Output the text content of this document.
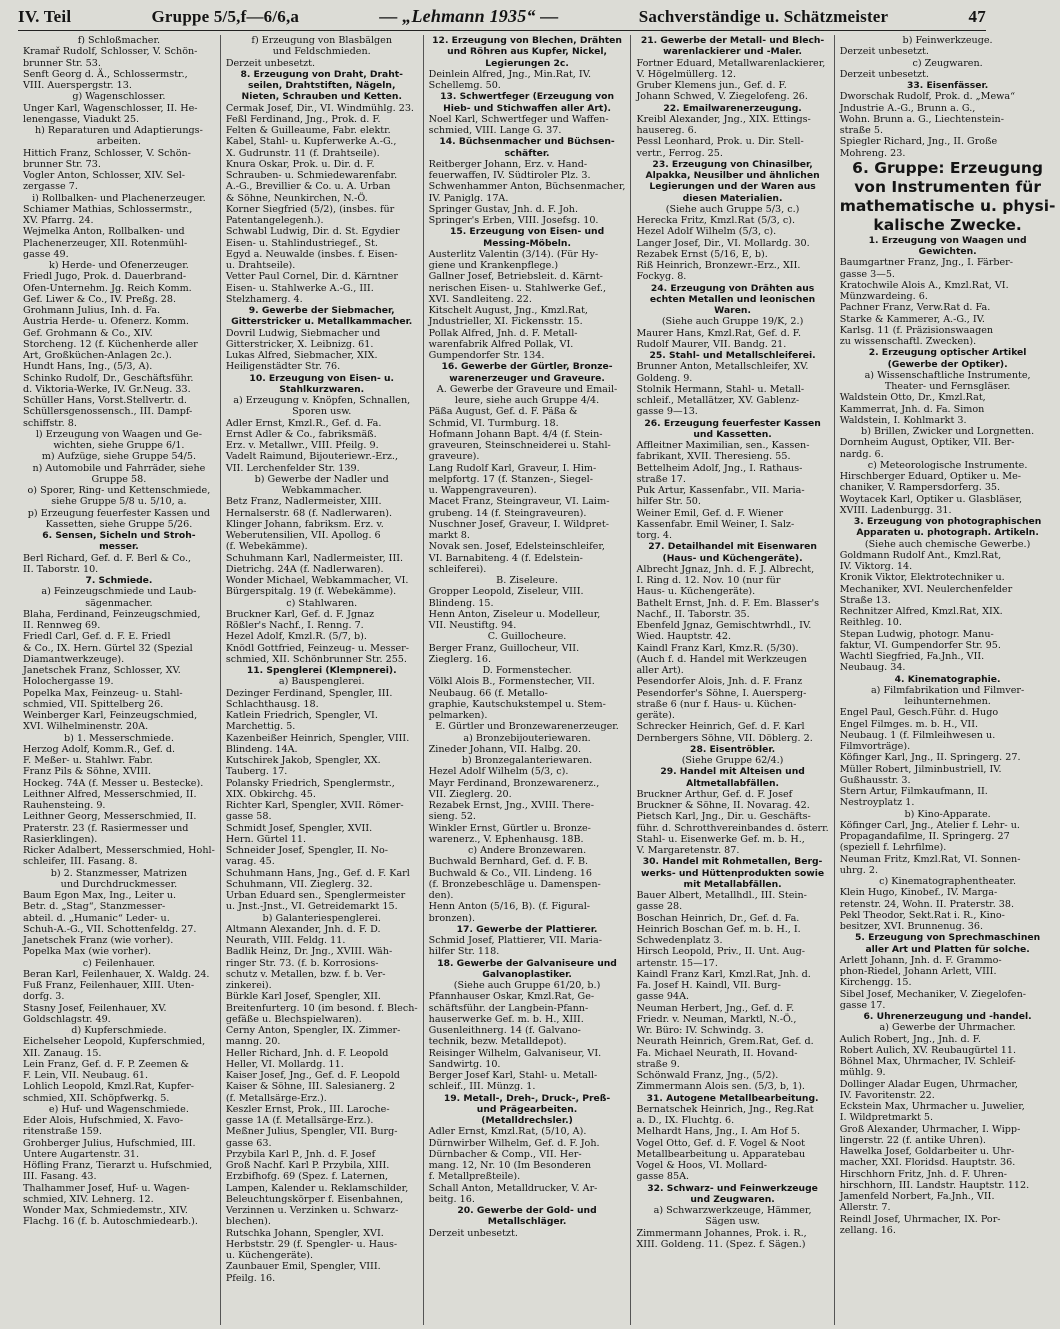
IV. Teil	Gruppe 5/5,f—6/6,a	— „Lehmann 1935“ —	Sachverständige u. Schätzmeister	47
f) Schloßmacher.
Kramař Rudolf, Schlosser, V. Schön-
brunner Str. 53.
Senft Georg d. Ä., Schlossermstr.,
VIII. Auerspergstr. 13.
g) Wagenschlosser.
Unger Karl, Wagenschlosser, II. He-
lenengasse, Viadukt 25.
h) Reparaturen und Adaptierungs-
arbeiten.
Hittich Franz, Schlosser, V. Schön-
brunner Str. 73.
Vogler Anton, Schlosser, XIV. Sel-
zergasse 7.
i) Rollbalken- und Plachenerzeuger.
Schiamer Mathias, Schlossermstr.,
XV. Pfarrg. 24.
Wejmelka Anton, Rollbalken- und
Plachenerzeuger, XII. Rotenmühl-
gasse 49.
k) Herde- und Ofenerzeuger.
Friedl Jugo, Prok. d. Dauerbrand-
Ofen-Unternehm. Jg. Reich Komm.
Gef. Liwer & Co., IV. Preßg. 28.
Grohmann Julius, Inh. d. Fa.
Austria Herde- u. Ofenerz. Komm.
Gef. Grohmann & Co., XIV.
Storcheng. 12 (f. Küchenherde aller
Art, Großküchen-Anlagen 2c.).
Hundt Hans, Ing., (5/3, A).
Schinko Rudolf, Dr., Geschäftsführ.
d. Viktoria-Werke, IV. Gr.Neug. 33.
Schüller Hans, Vorst.Stellvertr. d.
Schüllersgenossensch., III. Dampf-
schiffstr. 8.
l) Erzeugung von Waagen und Ge-
wichten, siehe Gruppe 6/1.
m) Aufzüge, siehe Gruppe 54/5.
n) Automobile und Fahrräder, siehe
Gruppe 58.
o) Sporer, Ring- und Kettenschmiede,
siehe Gruppe 5/8 u. 5/10, a.
p) Erzeugung feuerfester Kassen und
Kassetten, siehe Gruppe 5/26.
6. Sensen, Sicheln und Stroh-
messer.
Berl Richard, Gef. d. F. Berl & Co.,
II. Taborstr. 10.
7. Schmiede.
a) Feinzeugschmiede und Laub-
sägenmacher.
Blaha, Ferdinand, Feinzeugschmied,
II. Rennweg 69.
Friedl Carl, Gef. d. F. E. Friedl
& Co., IX. Hern. Gürtel 32 (Spezial
Diamantwerkzeuge).
Janetschek Franz, Schlosser, XV.
Holochergasse 19.
Popelka Max, Feinzeug- u. Stahl-
schmied, VII. Spittelberg 26.
Weinberger Karl, Feinzeugschmied,
XVI. Wilhelminenstr. 20A.
b) 1. Messerschmiede.
Herzog Adolf, Komm.R., Gef. d.
F. Meßer- u. Stahlwr. Fabr.
Franz Pils & Söhne, XVIII.
Hockeg. 74A (f. Messer u. Bestecke).
Leithner Alfred, Messerschmied, II.
Rauhensteing. 9.
Leithner Georg, Messerschmied, II.
Praterstr. 23 (f. Rasiermesser und
Rasierklingen).
Ricker Adalbert, Messerschmied, Hohl-
schleifer, III. Fasang. 8.
b) 2. Stanzmesser, Matrizen
und Durchdruckmesser.
Baum Egon Max, Ing., Leiter u.
Betr. d. „Stag“, Stanzmesser-
abteil. d. „Humanic“ Leder- u.
Schuh-A.-G., VII. Schottenfeldg. 27.
Janetschek Franz (wie vorher).
Popelka Max (wie vorher).
c) Feilenhauer.
Beran Karl, Feilenhauer, X. Waldg. 24.
Fuß Franz, Feilenhauer, XIII. Uten-
dorfg. 3.
Stasny Josef, Feilenhauer, XV.
Goldschlagstr. 49.
d) Kupferschmiede.
Eichelseher Leopold, Kupferschmied,
XII. Zanaug. 15.
Lein Franz, Gef. d. F. P. Zeemen &
F. Lein, VII. Neubaug. 61.
Lohlich Leopold, Kmzl.Rat, Kupfer-
schmied, XII. Schöpfwerkg. 5.
e) Huf- und Wagenschmiede.
Eder Alois, Hufschmied, X. Favo-
ritenstraße 159.
Grohberger Julius, Hufschmied, III.
Untere Augartenstr. 31.
Höfling Franz, Tierarzt u. Hufschmied,
III. Fasang. 43.
Thalhammer Josef, Huf- u. Wagen-
schmied, XIV. Lehnerg. 12.
Wonder Max, Schmiedemstr., XIV.
Flachg. 16 (f. b. Autoschmiedearb.).
f) Erzeugung von Blasbälgen
und Feldschmieden.
Derzeit unbesetzt.
8. Erzeugung von Draht, Draht-
seilen, Drahtstiften, Nägeln,
Nieten, Schrauben und Ketten.
Cermak Josef, Dir., VI. Windmühlg. 23.
Feßl Ferdinand, Jng., Prok. d. F.
Felten & Guilleaume, Fabr. elektr.
Kabel, Stahl- u. Kupferwerke A.-G.,
X. Gudrunstr. 11 (f. Drahtseile).
Knura Oskar, Prok. u. Dir. d. F.
Schrauben- u. Schmiedewarenfabr.
A.-G., Brevillier & Co. u. A. Urban
& Söhne, Neunkirchen, N.-Ö.
Korner Siegfried (5/2), (insbes. für
Patentangelegenh.).
Schwabl Ludwig, Dir. d. St. Egydier
Eisen- u. Stahlindustriegef., St.
Egyd a. Neuwalde (insbes. f. Eisen-
u. Drahtseile).
Vetter Paul Cornel, Dir. d. Kärntner
Eisen- u. Stahlwerke A.-G., III.
Stelzhamerg. 4.
9. Gewerbe der Siebmacher,
Gitterstricker u. Metallkammacher.
Dovril Ludwig, Siebmacher und
Gitterstricker, X. Leibnizg. 61.
Lukas Alfred, Siebmacher, XIX.
Heiligenstädter Str. 76.
10. Erzeugung von Eisen- u.
Stahlkurzwaren.
a) Erzeugung v. Knöpfen, Schnallen,
Sporen usw.
Adler Ernst, Kmzl.R., Gef. d. Fa.
Ernst Adler & Co., fabriksmäß.
Erz. v. Metallwr., VIII. Pfeilg. 9.
Vadelt Raimund, Bijouteriewr.-Erz.,
VII. Lerchenfelder Str. 139.
b) Gewerbe der Nadler und
Webkammacher.
Betz Franz, Nadlermeister, XIII.
Hernalserstr. 68 (f. Nadlerwaren).
Klinger Johann, fabriksm. Erz. v.
Weberutensilien, VII. Apollog. 6
(f. Webekämme).
Schuhmann Karl, Nadlermeister, III.
Dietrichg. 24A (f. Nadlerwaren).
Wonder Michael, Webkammacher, VI.
Bürgerspitalg. 19 (f. Webekämme).
c) Stahlwaren.
Bruckner Karl, Gef. d. F. Jgnaz
Rößler's Nachf., I. Renng. 7.
Hezel Adolf, Kmzl.R. (5/7, b).
Knödl Gottfried, Feinzeug- u. Messer-
schmied, XII. Schönbrunner Str. 255.
11. Spenglerei (Klempnerei).
a) Bauspenglerei.
Dezinger Ferdinand, Spengler, III.
Schlachthausg. 18.
Katlein Friedrich, Spengler, VI.
Marchettig. 5.
Kazenbeißer Heinrich, Spengler, VIII.
Blindeng. 14A.
Kutschirek Jakob, Spengler, XX.
Tauberg. 17.
Polansky Friedrich, Spenglermstr.,
XIX. Obkirchg. 45.
Richter Karl, Spengler, XVII. Römer-
gasse 58.
Schmidt Josef, Spengler, XVII.
Hern. Gürtel 11.
Schneider Josef, Spengler, II. No-
varag. 45.
Schuhmann Hans, Jng., Gef. d. F. Karl
Schuhmann, VII. Zieglerg. 32.
Urban Eduard sen., Spenglermeister
u. Jnst.-Jnst., VI. Getreidemarkt 15.
b) Galanteriespenglerei.
Altmann Alexander, Jnh. d. F. D.
Neurath, VIII. Feldg. 11.
Badlik Heinz, Dr. Jng., XVIII. Wäh-
ringer Str. 73. (f. b. Korrosions-
schutz v. Metallen, bzw. f. b. Ver-
zinkerei).
Bürkle Karl Josef, Spengler, XII.
Breitenfurterg. 10 (im besond. f. Blech-
gefäße u. Blechspielwaren).
Cerny Anton, Spengler, IX. Zimmer-
manng. 20.
Heller Richard, Jnh. d. F. Leopold
Heller, VI. Mollardg. 11.
Kaiser Josef, Jng., Gef. d. F. Leopold
Kaiser & Söhne, III. Salesianerg. 2
(f. Metallsärge-Erz.).
Keszler Ernst, Prok., III. Laroche-
gasse 1A (f. Metallsärge-Erz.).
Meßner Julius, Spengler, VII. Burg-
gasse 63.
Przybila Karl P., Jnh. d. F. Josef
Groß Nachf. Karl P. Przybila, XIII.
Erzbifhofg. 69 (Spez. f. Laternen,
Lampen, Kalender u. Reklamschilder,
Beleuchtungskörper f. Eisenbahnen,
Verzinnen u. Verzinken u. Schwarz-
blechen).
Rutschka Johann, Spengler, XVI.
Herbststr. 29 (f. Spengler- u. Haus-
u. Küchengeräte).
Zaunbauer Emil, Spengler, VIII.
Pfeilg. 16.
12. Erzeugung von Blechen, Drähten
und Röhren aus Kupfer, Nickel,
Legierungen 2c.
Deinlein Alfred, Jng., Min.Rat, IV.
Schellemg. 50.
13. Schwertfeger (Erzeugung von
Hieb- und Stichwaffen aller Art).
Noel Karl, Schwertfeger und Waffen-
schmied, VIII. Lange G. 37.
14. Büchsenmacher und Büchsen-
schäfter.
Reitberger Johann, Erz. v. Hand-
feuerwaffen, IV. Südtiroler Plz. 3.
Schwenhammer Anton, Büchsenmacher,
IV. Paniglg. 17A.
Springer Gustav, Jnh. d. F. Joh.
Springer's Erben, VIII. Josefsg. 10.
15. Erzeugung von Eisen- und
Messing-Möbeln.
Austerlitz Valentin (3/14). (Für Hy-
giene und Krankenpflege.)
Gallner Josef, Betriebsleit. d. Kärnt-
nerischen Eisen- u. Stahlwerke Gef.,
XVI. Sandleiteng. 22.
Kitschelt August, Jng., Kmzl.Rat,
Jndustrieller, XI. Fickensstr. 15.
Pollak Alfred, Jnh. d. F. Metall-
warenfabrik Alfred Pollak, VI.
Gumpendorfer Str. 134.
16. Gewerbe der Gürtler, Bronze-
warenerzeuger und Graveure.
A. Gewerbe der Graveure und Email-
leure, siehe auch Gruppe 4/4.
Päßa August, Gef. d. F. Päßa &
Schmid, VI. Turmburg. 18.
Hofmann Johann Bapt. 4/4 (f. Stein-
graveuren, Steinschneiderei u. Stahl-
graveure).
Lang Rudolf Karl, Graveur, I. Him-
melpfortg. 17 (f. Stanzen-, Siegel-
u. Wappengraveuren).
Macet Franz, Steingraveur, VI. Laim-
grubeng. 14 (f. Steingraveuren).
Nuschner Josef, Graveur, I. Wildpret-
markt 8.
Novak sen. Josef, Edelsteinschleifer,
VI. Barnabiteng. 4 (f. Edelstein-
schleiferei).
B. Ziseleure.
Gropper Leopold, Ziseleur, VIII.
Blindeng. 15.
Henn Anton, Ziseleur u. Modelleur,
VII. Neustiftg. 94.
C. Guillocheure.
Berger Franz, Guillocheur, VII.
Zieglerg. 16.
D. Formenstecher.
Völkl Alois B., Formenstecher, VII.
Neubaug. 66 (f. Metallo-
graphie, Kautschukstempel u. Stem-
pelmarken).
E. Gürtler und Bronzewarenerzeuger.
a) Bronzebijouteriewaren.
Zineder Johann, VII. Halbg. 20.
b) Bronzegalanteriewaren.
Hezel Adolf Wilhelm (5/3, c).
Mayr Ferdinand, Bronzewarenerz.,
VII. Zieglerg. 20.
Rezabek Ernst, Jng., XVIII. There-
sieng. 52.
Winkler Ernst, Gürtler u. Bronze-
warenerz., V. Ephenhausg. 18B.
c) Andere Bronzewaren.
Buchwald Bernhard, Gef. d. F. B.
Buchwald & Co., VII. Lindeng. 16
(f. Bronzebeschläge u. Damenspen-
den).
Henn Anton (5/16, B). (f. Figural-
bronzen).
17. Gewerbe der Plattierer.
Schmid Josef, Plattierer, VII. Maria-
hilfer Str. 118.
18. Gewerbe der Galvaniseure und
Galvanoplastiker.
(Siehe auch Gruppe 61/20, b.)
Pfannhauser Oskar, Kmzl.Rat, Ge-
schäftsführ. der Langbein-Pfann-
hauserwerke Gef. m. b. H., XIII.
Gusenleithnerg. 14 (f. Galvano-
technik, bezw. Metalldepot).
Reisinger Wilhelm, Galvaniseur, VI.
Sandwirtg. 10.
Berger Josef Karl, Stahl- u. Metall-
schleif., III. Münzg. 1.
19. Metall-, Dreh-, Druck-, Preß-
und Prägearbeiten.
(Metalldrechsler.)
Adler Ernst, Kmzl.Rat, (5/10, A).
Dürnwirber Wilhelm, Gef. d. F. Joh.
Dürnbacher & Comp., VII. Her-
mang. 12, Nr. 10 (Im Besonderen
f. Metallpreßteile).
Schall Anton, Metalldrucker, V. Ar-
beitg. 16.
20. Gewerbe der Gold- und
Metallschläger.
Derzeit unbesetzt.
21. Gewerbe der Metall- und Blech-
warenlackierer und -Maler.
Fortner Eduard, Metallwarenlackierer,
V. Högelmüllerg. 12.
Gruber Klemens jun., Gef. d. F.
Johann Schwed, V. Ziegelofeng. 26.
22. Emailwarenerzeugung.
Kreibl Alexander, Jng., XIX. Ettings-
hausereg. 6.
Pessl Leonhard, Prok. u. Dir. Stell-
vertr., Ferrog. 25.
23. Erzeugung von Chinasilber,
Alpakka, Neusilber und ähnlichen
Legierungen und der Waren aus
diesen Materialien.
(Siehe auch Gruppe 5/3, c.)
Herecka Fritz, Kmzl.Rat (5/3, c).
Hezel Adolf Wilhelm (5/3, c).
Langer Josef, Dir., VI. Mollardg. 30.
Rezabek Ernst (5/16, E, b).
Riß Heinrich, Bronzewr.-Erz., XII.
Fockyg. 8.
24. Erzeugung von Drähten aus
echten Metallen und leonischen
Waren.
(Siehe auch Gruppe 19/K, 2.)
Maurer Hans, Kmzl.Rat, Gef. d. F.
Rudolf Maurer, VII. Bandg. 21.
25. Stahl- und Metallschleiferei.
Brunner Anton, Metallschleifer, XV.
Goldeng. 9.
Stolnik Hermann, Stahl- u. Metall-
schleif., Metallätzer, XV. Gablenz-
gasse 9—13.
26. Erzeugung feuerfester Kassen
und Kassetten.
Affleitner Maximilian, sen., Kassen-
fabrikant, XVII. Theresieng. 55.
Bettelheim Adolf, Jng., I. Rathaus-
straße 17.
Puk Artur, Kassenfabr., VII. Maria-
hilfer Str. 50.
Weiner Emil, Gef. d. F. Wiener
Kassenfabr. Emil Weiner, I. Salz-
torg. 4.
27. Detailhandel mit Eisenwaren
(Haus- und Küchengeräte).
Albrecht Jgnaz, Jnh. d. F. J. Albrecht,
I. Ring d. 12. Nov. 10 (nur für
Haus- u. Küchengeräte).
Bathelt Ernst, Jnh. d. F. Em. Blasser's
Nachf., II. Taborstr. 35.
Ebenfeld Jgnaz, Gemischtwrhdl., IV.
Wied. Hauptstr. 42.
Kaindl Franz Karl, Kmz.R. (5/30).
(Auch f. d. Handel mit Werkzeugen
aller Art).
Pesendorfer Alois, Jnh. d. F. Franz
Pesendorfer's Söhne, I. Auersperg-
straße 6 (nur f. Haus- u. Küchen-
geräte).
Schrecker Heinrich, Gef. d. F. Karl
Dernbergers Söhne, VII. Döblerg. 2.
28. Eisentröbler.
(Siehe Gruppe 62/4.)
29. Handel mit Alteisen und
Altmetallabfällen.
Bruckner Arthur, Gef. d. F. Josef
Bruckner & Söhne, II. Novarag. 42.
Pietsch Karl, Jng., Dir. u. Geschäfts-
führ. d. Schrotthvereinbandes d. österr.
Stahl- u. Eisenwerke Gef. m. b. H.,
V. Margaretenstr. 87.
30. Handel mit Rohmetallen, Berg-
werks- und Hüttenprodukten sowie
mit Metallabfällen.
Bauer Albert, Metallhdl., III. Stein-
gasse 28.
Boschan Heinrich, Dr., Gef. d. Fa.
Heinrich Boschan Gef. m. b. H., I.
Schwedenplatz 3.
Hirsch Leopold, Priv., II. Unt. Aug-
artenstr. 15—17.
Kaindl Franz Karl, Kmzl.Rat, Jnh. d.
Fa. Josef H. Kaindl, VII. Burg-
gasse 94A.
Neuman Herbert, Jng., Gef. d. F.
Friedr. v. Neuman, Marktl, N.-Ö.,
Wr. Büro: IV. Schwindg. 3.
Neurath Heinrich, Grem.Rat, Gef. d.
Fa. Michael Neurath, II. Hovand-
straße 9.
Schönwald Franz, Jng., (5/2).
Zimmermann Alois sen. (5/3, b, 1).
31. Autogene Metallbearbeitung.
Bernatschek Heinrich, Jng., Reg.Rat
a. D., IX. Fluchtg. 6.
Melhardt Hans, Jng., I. Am Hof 5.
Vogel Otto, Gef. d. F. Vogel & Noot
Metallbearbeitung u. Apparatebau
Vogel & Hoos, VI. Mollard-
gasse 85A.
32. Schwarz- und Feinwerkzeuge
und Zeugwaren.
a) Schwarzwerkzeuge, Hämmer,
Sägen usw.
Zimmermann Johannes, Prok. i. R.,
XIII. Goldeng. 11. (Spez. f. Sägen.)
b) Feinwerkzeuge.
Derzeit unbesetzt.
c) Zeugwaren.
Derzeit unbesetzt.
33. Eisenfässer.
Dworschak Rudolf, Prok. d. „Mewa“
Jndustrie A.-G., Brunn a. G.,
Wohn. Brunn a. G., Liechtenstein-
straße 5.
Spiegler Richard, Jng., II. Große
Mohreng. 23.
6. Gruppe: Erzeugung
von Instrumenten für
mathematische u. physi-
kalische Zwecke.
1. Erzeugung von Waagen und
Gewichten.
Baumgartner Franz, Jng., I. Färber-
gasse 3—5.
Kratochwile Alois A., Kmzl.Rat, VI.
Münzwardeing. 6.
Pachner Franz, Verw.Rat d. Fa.
Starke & Kammerer, A.-G., IV.
Karlsg. 11 (f. Präzisionswaagen
zu wissenschaftl. Zwecken).
2. Erzeugung optischer Artikel
(Gewerbe der Optiker).
a) Wissenschaftliche Instrumente,
Theater- und Fernsgläser.
Waldstein Otto, Dr., Kmzl.Rat,
Kammerrat, Jnh. d. Fa. Simon
Waldstein, I. Kohlmarkt 3.
b) Brillen, Zwicker und Lorgnetten.
Dornheim August, Optiker, VII. Ber-
nardg. 6.
c) Meteorologische Instrumente.
Hirschberger Eduard, Optiker u. Me-
chaniker, V. Rampersdorferg. 35.
Woytacek Karl, Optiker u. Glasbläser,
XVIII. Ladenburgg. 31.
3. Erzeugung von photographischen
Apparaten u. photograph. Artikeln.
(Siehe auch chemische Gewerbe.)
Goldmann Rudolf Ant., Kmzl.Rat,
IV. Viktorg. 14.
Kronik Viktor, Elektrotechniker u.
Mechaniker, XVI. Neulerchenfelder
Straße 13.
Rechnitzer Alfred, Kmzl.Rat, XIX.
Reithleg. 10.
Stepan Ludwig, photogr. Manu-
faktur, VI. Gumpendorfer Str. 95.
Wachtl Siegfried, Fa.Jnh., VII.
Neubaug. 34.
4. Kinematographie.
a) Filmfabrikation und Filmver-
leihunternehmen.
Engel Paul, Gesch.Führ. d. Hugo
Engel Filmges. m. b. H., VII.
Neubaug. 1 (f. Filmleihwesen u.
Filmvorträge).
Köfinger Karl, Jng., II. Springerg. 27.
Müller Robert, Jilminbustriell, IV.
Gußhausstr. 3.
Stern Artur, Filmkaufmann, II.
Nestroyplatz 1.
b) Kino-Apparate.
Köfinger Carl, Jng., Atelier f. Lehr- u.
Propagandafilme, II. Springerg. 27
(speziell f. Lehrfilme).
Neuman Fritz, Kmzl.Rat, VI. Sonnen-
uhrg. 2.
c) Kinematographentheater.
Klein Hugo, Kinobef., IV. Marga-
retenstr. 24, Wohn. II. Praterstr. 38.
Pekl Theodor, Sekt.Rat i. R., Kino-
besitzer, XVI. Brunnenug. 36.
5. Erzeugung von Sprechmaschinen
aller Art und Platten für solche.
Arlett Johann, Jnh. d. F. Grammo-
phon-Riedel, Johann Arlett, VIII.
Kirchengg. 15.
Sibel Josef, Mechaniker, V. Ziegelofen-
gasse 17.
6. Uhrenerzeugung und -handel.
a) Gewerbe der Uhrmacher.
Aulich Robert, Jng., Jnh. d. F.
Robert Aulich, XV. Reubaugürtel 11.
Böhnel Max, Uhrmacher, IV. Schleif-
mühlg. 9.
Dollinger Aladar Eugen, Uhrmacher,
IV. Favoritenstr. 22.
Eckstein Max, Uhrmacher u. Juwelier,
I. Wildpretmarkt 5.
Groß Alexander, Uhrmacher, I. Wipp-
lingerstr. 22 (f. antike Uhren).
Hawelka Josef, Goldarbeiter u. Uhr-
macher, XXI. Floridsd. Hauptstr. 36.
Hirschhorn Fritz, Jnh. d. F. Uhren-
hirschhorn, III. Landstr. Hauptstr. 112.
Jamenfeld Norbert, Fa.Jnh., VII.
Allerstr. 7.
Reindl Josef, Uhrmacher, IX. Por-
zellang. 16.
